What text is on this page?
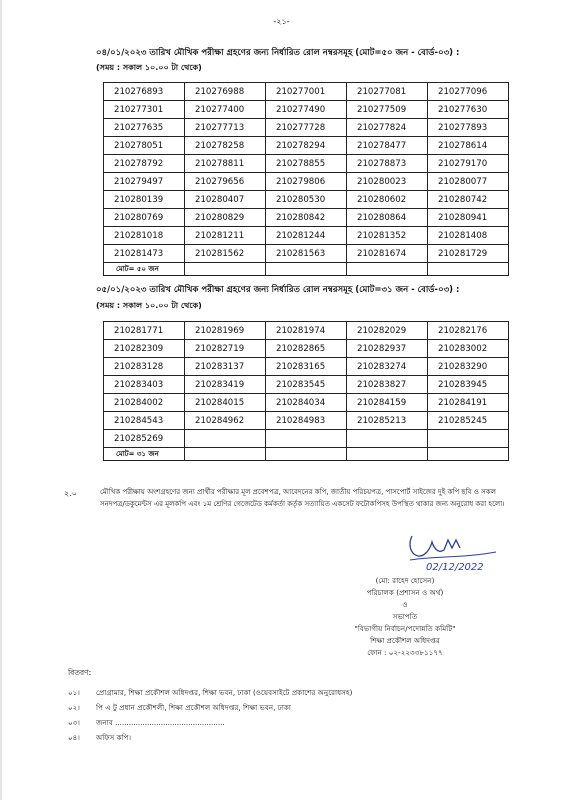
-২১-
০৪/০১/২০২৩ তারিখ মৌখিক পরীক্ষা গ্রহণের জন্য নির্ধারিত রোল নম্বরসমূহ (মোট=৫০ জন - বোর্ড-০৩) :
(সময় : সকাল ১০.০০ টা থেকে)
210276893	210276988	210277001	210277081	210277096
210277301	210277400	210277490	210277509	210277630
210277635	210277713	210277728	210277824	210277893
210278051	210278258	210278294	210278477	210278614
210278792	210278811	210278855	210278873	210279170
210279497	210279656	210279806	210280023	210280077
210280139	210280407	210280530	210280602	210280742
210280769	210280829	210280842	210280864	210280941
210281018	210281211	210281244	210281352	210281408
210281473	210281562	210281563	210281674	210281729
মোট= ৫০ জন				
০৫/০১/২০২৩ তারিখ মৌখিক পরীক্ষা গ্রহণের জন্য নির্ধারিত রোল নম্বরসমূহ (মোট=৩১ জন - বোর্ড-০৩) :
(সময় : সকাল ১০.০০ টা থেকে)
210281771	210281969	210281974	210282029	210282176
210282309	210282719	210282865	210282937	210283002
210283128	210283137	210283165	210283274	210283290
210283403	210283419	210283545	210283827	210283945
210284002	210284015	210284034	210284159	210284191
210284543	210284962	210284983	210285213	210285245
210285269				
মোট= ৩১ জন				
২.০	মৌখিক পরীক্ষায় অংশগ্রহণের জন্য প্রার্থীর পরীক্ষার মূল প্রবেশপত্র, আবেদনের কপি, জাতীয় পরিচয়পত্র, পাসপোর্ট সাইজের দুই কপি ছবি ও সকল সনদপত্র/ডকুমেন্টস এর মূলকপি এবং ১ম শ্রেণির গেজেটেড কর্মকর্তা কর্তৃক সত্যায়িত একসেট ফটোকপিসহ উপস্থিত থাকার জন্য অনুরোধ করা হলো।
02/12/2022
(মো: রাহেদ হোসেন)
পরিচালক (প্রশাসন ও অর্থ)
ও
সভাপতি
"বিভাগীয় নির্বাচন/পদোন্নতি কমিটি"
শিক্ষা প্রকৌশল অধিদপ্তর
ফোন : ০২-২২৩৩৮১১৭৭
বিতরণ:
০১। প্রোগ্রামার, শিক্ষা প্রকৌশল অধিদপ্তর, শিক্ষা ভবন, ঢাকা (ওয়েবসাইটে প্রকাশের অনুরোধসহ)
০২। পি এ টু প্রধান প্রকৌশলী, শিক্ষা প্রকৌশল অধিদপ্তর, শিক্ষা ভবন, ঢাকা
০৩। জনাব ................................................
০৪। অফিস কপি।
